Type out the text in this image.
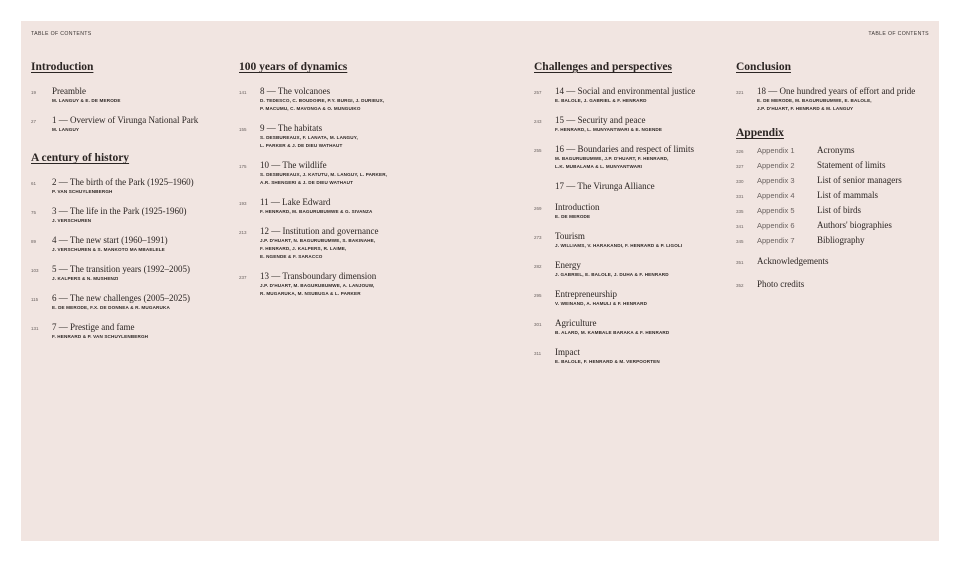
TABLE OF CONTENTS	TABLE OF CONTENTS
Introduction
19	Preamble
M. LANGUY & E. DE MERODE
27	1 — Overview of Virunga National Park
M. LANGUY
A century of history
61	2 — The birth of the Park (1925–1960)
P. VAN SCHUYLENBERGH
75	3 — The life in the Park (1925-1960)
J. VERSCHUREN
89	4 — The new start (1960–1991)
J. VERSCHUREN & S. MANKOTO MA MBAELELE
103	5 — The transition years (1992–2005)
J. KALPERS & N. MUSHENZI
115	6 — The new challenges (2005–2025)
E. DE MERODE, F.X. DE DONNEA & R. MUGARUKA
131	7 — Prestige and fame
F. HENRARD & P. VAN SCHUYLENBERGH
100 years of dynamics
141	8 — The volcanoes
D. TEDESCO, C. BOUDOIRE, P.Y. BURGI, J. DURIEUX,
P. MACUMU, C. MAVONGA & O. MUNGUIKO
155	9 — The habitats
S. DESBUREAUX, F. LANATA, M. LANGUY,
L. PARKER & J. DE DIEU WATHAUT
175	10 — The wildlife
S. DESBUREAUX, J. KATUTU, M. LANGUY, L. PARKER,
A.R. SHENGERI & J. DE DIEU WATHAUT
193	11 — Lake Edward
F. HENRARD, M. BAGURUBUMWE & G. SIVANZA
213	12 — Institution and governance
J.P. D'HUART, N. BAGURUBUMWE, S. BAKINAHE,
F. HENRARD, J. KALPERS, R. LAIME,
E. NGENDE & F. SARACCO
237	13 — Transboundary dimension
J.P. D'HUART, M. BAGURUBUMWE, A. LANJOUW,
R. MUGARUKA, M. NSUBUGA & L. PARKER
Challenges and perspectives
257	14 — Social and environmental justice
E. BALOLE, J. GABRIEL & F. HENRARD
243	15 — Security and peace
F. HENRARD, L. MUNYANTWARI & E. NGENDE
255	16 — Boundaries and respect of limits
M. BAGURUBUMWE, J.P. D'HUART, F. HENRARD,
L.K. MUBALAMA & L. MUNYANTWARI
17 — The Virunga Alliance
269	Introduction
E. DE MERODE
273	Tourism
J. WILLIAMS, V. HARAKANDI, F. HENRARD & P. LIGOLI
282	Energy
J. GABRIEL, E. BALOLE, J. DUHA & F. HENRARD
295	Entrepreneurship
V. WEINAND, A. HAMULI & F. HENRARD
301	Agriculture
B. ALARD, M. KAMBALE BARAKA & F. HENRARD
311	Impact
E. BALOLE, F. HENRARD & M. VERPOORTEN
Conclusion
321	18 — One hundred years of effort and pride
E. DE MERODE, M. BAGURUBUMWE, E. BALOLE,
J.P. D'HUART, F. HENRARD & M. LANGUY
Appendix
326	Appendix 1	Acronyms
327	Appendix 2	Statement of limits
330	Appendix 3	List of senior managers
331	Appendix 4	List of mammals
335	Appendix 5	List of birds
341	Appendix 6	Authors' biographies
345	Appendix 7	Bibliography
351	Acknowledgements
352	Photo credits
